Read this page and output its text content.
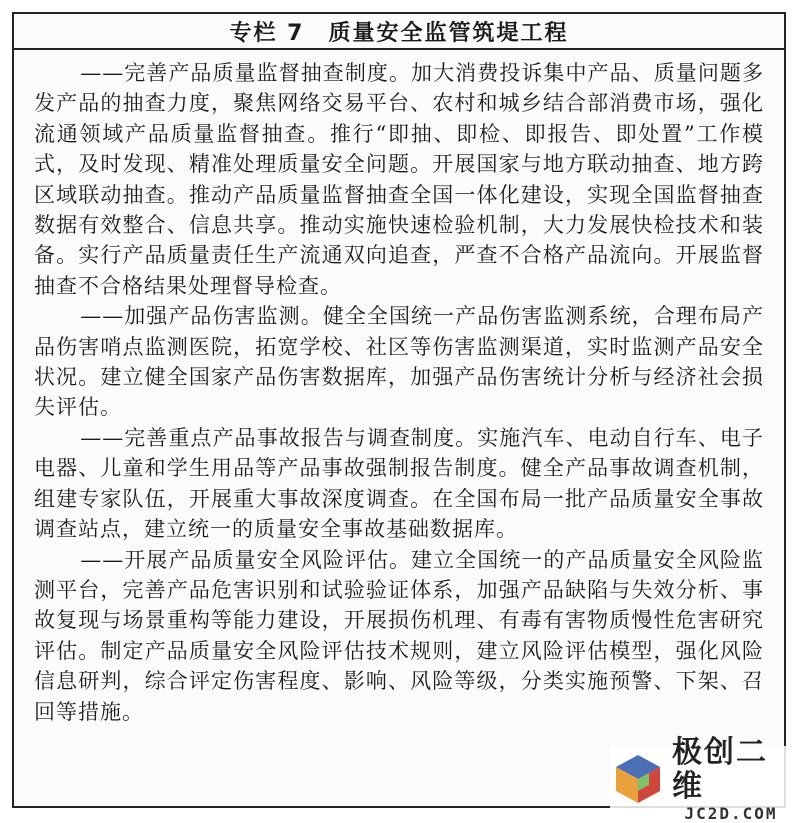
专栏 7 质量安全监管筑堤工程

——完善产品质量监督抽查制度。加大消费投诉集中产品、质量问题多发产品的抽查力度，聚焦网络交易平台、农村和城乡结合部消费市场，强化流通领域产品质量监督抽查。推行“即抽、即检、即报告、即处置”工作模式，及时发现、精准处理质量安全问题。开展国家与地方联动抽查、地方跨区域联动抽查。推动产品质量监督抽查全国一体化建设，实现全国监督抽查数据有效整合、信息共享。推动实施快速检验机制，大力发展快检技术和装备。实行产品质量责任生产流通双向追查，严查不合格产品流向。开展监督抽查不合格结果处理督导检查。

——加强产品伤害监测。健全全国统一产品伤害监测系统，合理布局产品伤害哨点监测医院，拓宽学校、社区等伤害监测渠道，实时监测产品安全状况。建立健全国家产品伤害数据库，加强产品伤害统计分析与经济社会损失评估。

——完善重点产品事故报告与调查制度。实施汽车、电动自行车、电子电器、儿童和学生用品等产品事故强制报告制度。健全产品事故调查机制，组建专家队伍，开展重大事故深度调查。在全国布局一批产品质量安全事故调查站点，建立统一的质量安全事故基础数据库。

——开展产品质量安全风险评估。建立全国统一的产品质量安全风险监测平台，完善产品危害识别和试验验证体系，加强产品缺陷与失效分析、事故复现与场景重构等能力建设，开展损伤机理、有毒有害物质慢性危害研究评估。制定产品质量安全风险评估技术规则，建立风险评估模型，强化风险信息研判，综合评定伤害程度、影响、风险等级，分类实施预警、下架、召回等措施。

极创二维
JC2D.COM
